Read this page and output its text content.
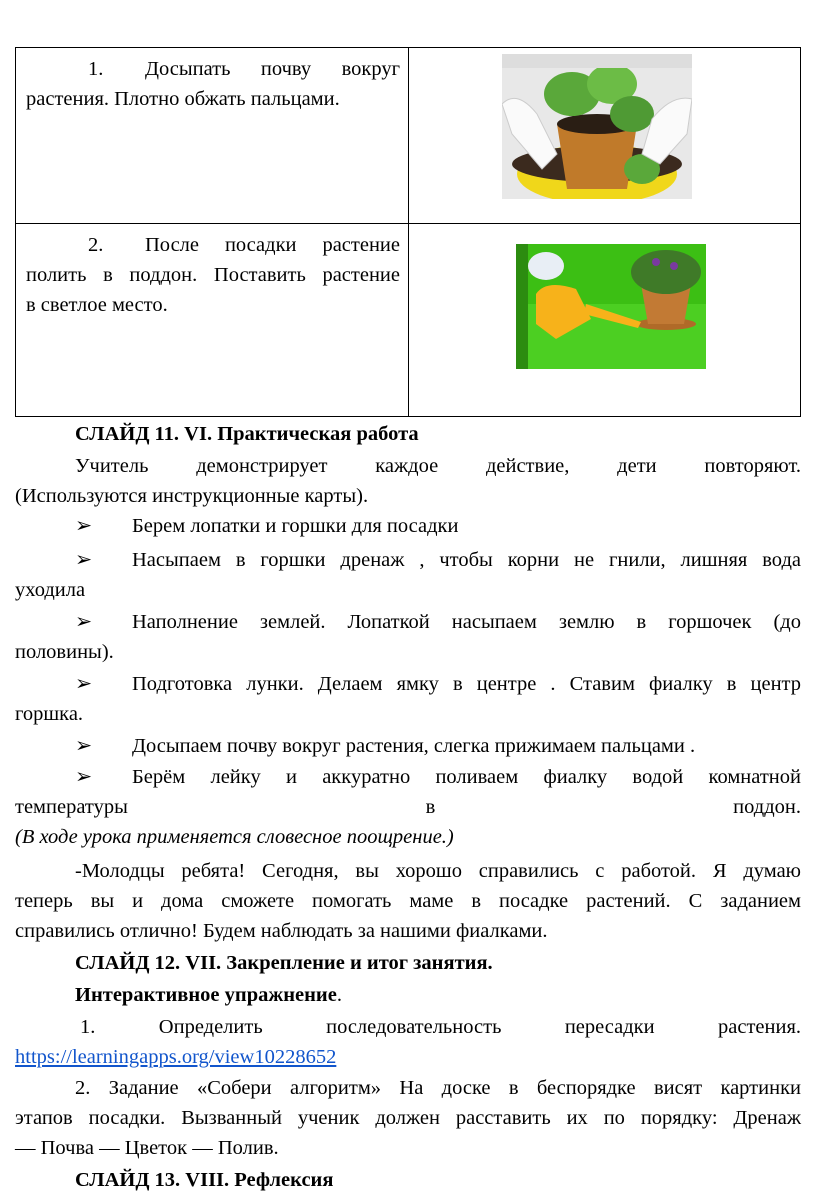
1. Досыпать почву вокруг
растения. Плотно обжать пальцами.

2. После посадки растение
полить в поддон. Поставить растение
в светлое место.

СЛАЙД 11. VI. Практическая работа
Учитель демонстрирует каждое действие, дети повторяют.
(Используются инструкционные карты).
➢ Берем лопатки и горшки для посадки
➢ Насыпаем в горшки дренаж , чтобы корни не гнили, лишняя вода
уходила
➢ Наполнение землей. Лопаткой насыпаем землю в горшочек (до
половины).
➢ Подготовка лунки. Делаем ямку в центре . Ставим фиалку в центр
горшка.
➢ Досыпаем почву вокруг растения, слегка прижимаем пальцами .
➢ Берём лейку и аккуратно поливаем фиалку водой комнатной
температуры в поддон.
(В ходе урока применяется словесное поощрение.)
-Молодцы ребята! Сегодня, вы хорошо справились с работой. Я думаю
теперь вы и дома сможете помогать маме в посадке растений. С заданием
справились отлично! Будем наблюдать за нашими фиалками.
СЛАЙД 12. VII. Закрепление и итог занятия.
Интерактивное упражнение.
1. Определить последовательность пересадки растения.
https://learningapps.org/view10228652
2. Задание «Собери алгоритм» На доске в беспорядке висят картинки
этапов посадки. Вызванный ученик должен расставить их по порядку: Дренаж
— Почва — Цветок — Полив.
СЛАЙД 13. VIII. Рефлексия
